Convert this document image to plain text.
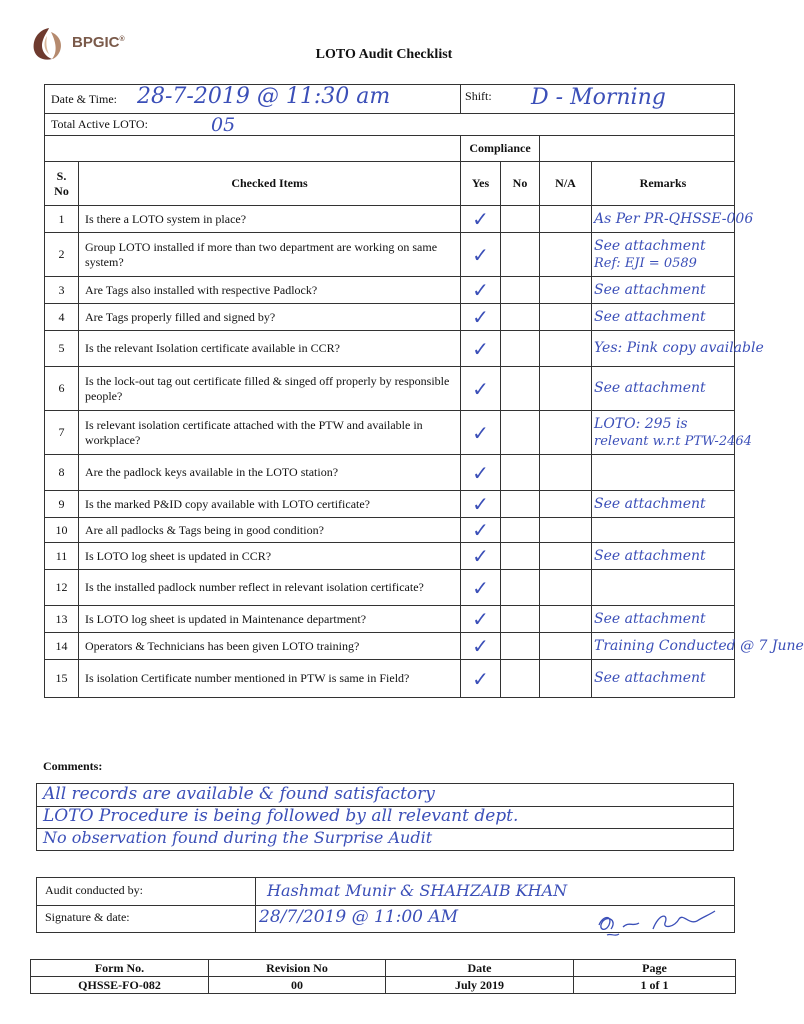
BPGIC®
LOTO Audit Checklist
Date & Time: 28-7-2019 @ 11:30 am		Shift: D - Morning			

Total Active LOTO: 05					

		Compliance			
S. No	Checked Items	Yes	No	N/A	Remarks
1	Is there a LOTO system in place?	✓			As Per PR-QHSSE-006

2	Group LOTO installed if more than two department are working on same system?	✓			See attachment
Ref: EJI = 0589

3	Are Tags also installed with respective Padlock?	✓			See attachment

4	Are Tags properly filled and signed by?	✓			See attachment

5	Is the relevant Isolation certificate available in CCR?	✓			Yes: Pink copy available

6	Is the lock-out tag out certificate filled & singed off properly by responsible people?	✓			See attachment

7	Is relevant isolation certificate attached with the PTW and available in workplace?	✓			LOTO: 295 is
relevant w.r.t PTW-2464

8	Are the padlock keys available in the LOTO station?	✓			

9	Is the marked P&ID copy available with LOTO certificate?	✓			See attachment

10	Are all padlocks & Tags being in good condition?	✓			

11	Is LOTO log sheet is updated in CCR?	✓			See attachment

12	Is the installed padlock number reflect in relevant isolation certificate?	✓			

13	Is LOTO log sheet is updated in Maintenance department?	✓			See attachment

14	Operators & Technicians has been given LOTO training?	✓			Training Conducted @ 7 June

15	Is isolation Certificate number mentioned in PTW is same in Field?	✓			See attachment
Comments:
All records are available & found satisfactory
LOTO Procedure is being followed by all relevant dept.
No observation found during the Surprise Audit
Audit conducted by:	Hashmat Munir & SHAHZAIB KHAN
Signature & date:	28/7/2019 @ 11:00 AM
Form No.	Revision No	Date	Page
QHSSE-FO-082	00	July 2019	1 of 1
